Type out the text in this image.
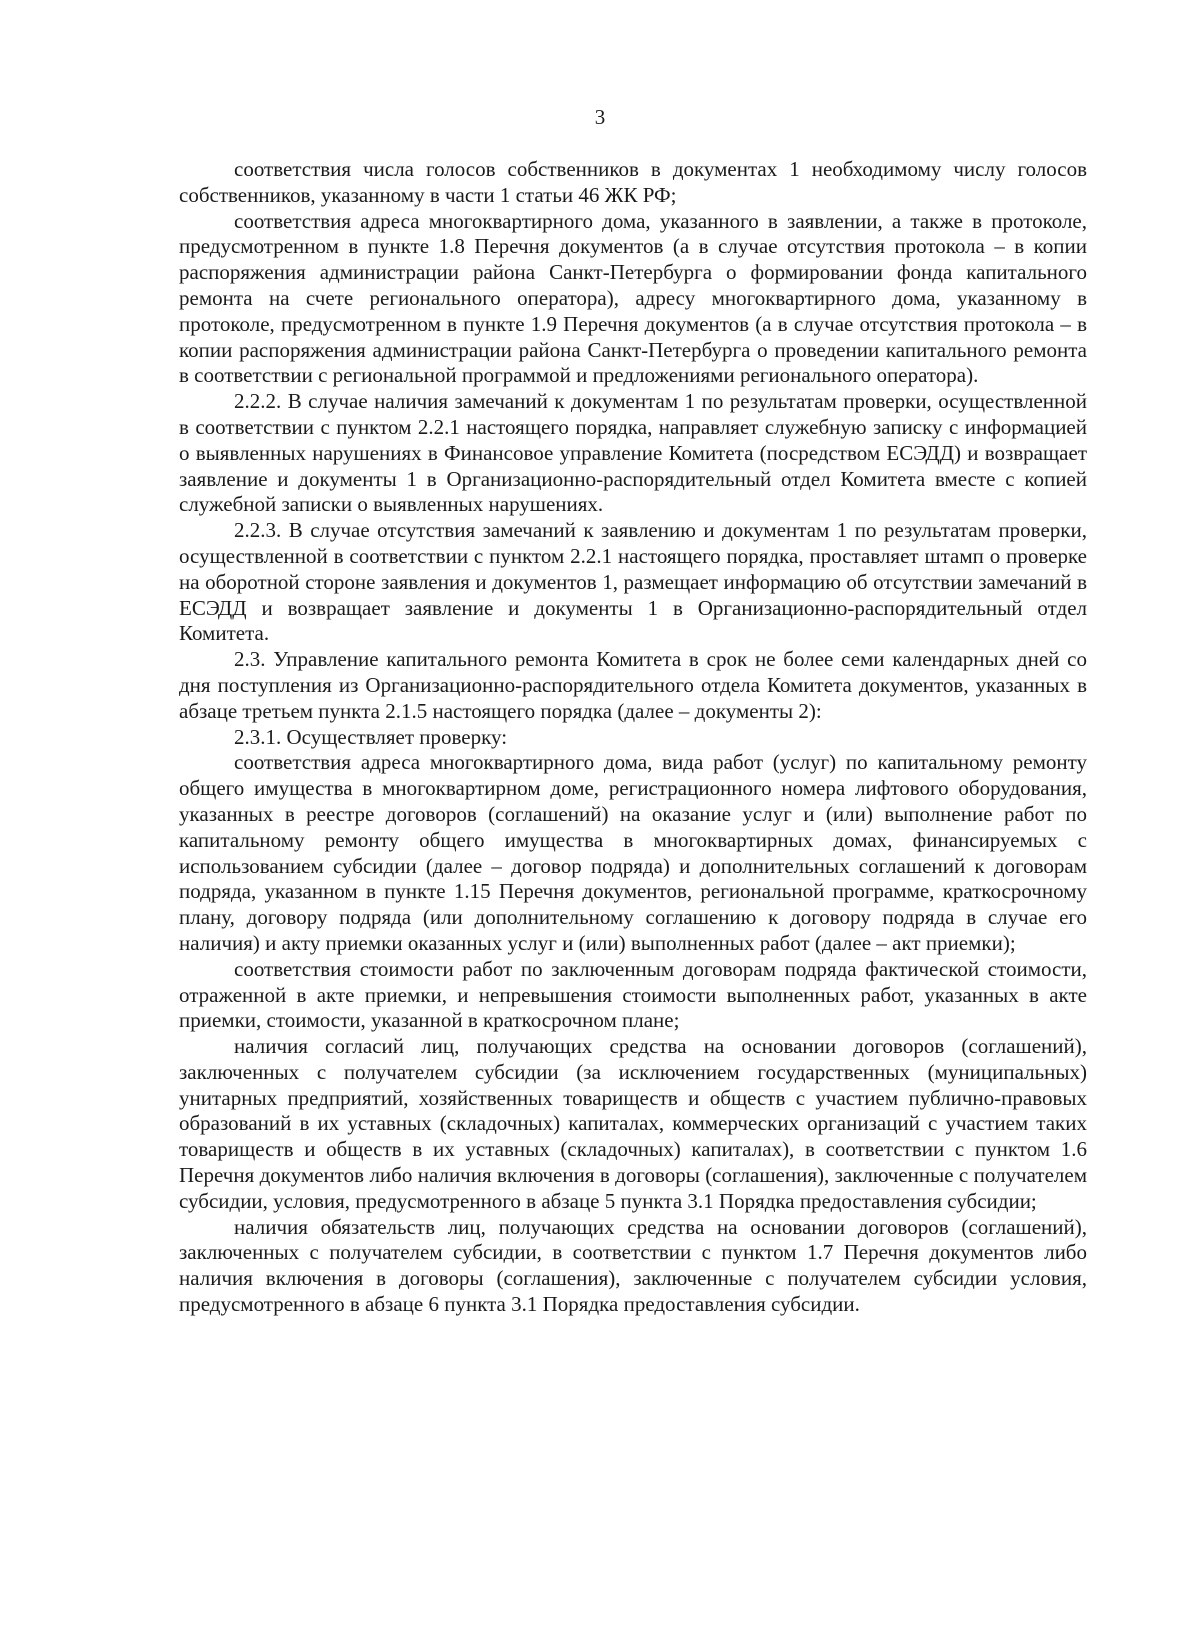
3

соответствия числа голосов собственников в документах 1 необходимому числу голосов собственников, указанному в части 1 статьи 46 ЖК РФ;

соответствия адреса многоквартирного дома, указанного в заявлении, а также в протоколе, предусмотренном в пункте 1.8 Перечня документов (а в случае отсутствия протокола – в копии распоряжения администрации района Санкт-Петербурга о формировании фонда капитального ремонта на счете регионального оператора), адресу многоквартирного дома, указанному в протоколе, предусмотренном в пункте 1.9 Перечня документов (а в случае отсутствия протокола – в копии распоряжения администрации района Санкт-Петербурга о проведении капитального ремонта в соответствии с региональной программой и предложениями регионального оператора).

2.2.2. В случае наличия замечаний к документам 1 по результатам проверки, осуществленной в соответствии с пунктом 2.2.1 настоящего порядка, направляет служебную записку с информацией о выявленных нарушениях в Финансовое управление Комитета (посредством ЕСЭДД) и возвращает заявление и документы 1 в Организационно-распорядительный отдел Комитета вместе с копией служебной записки о выявленных нарушениях.

2.2.3. В случае отсутствия замечаний к заявлению и документам 1 по результатам проверки, осуществленной в соответствии с пунктом 2.2.1 настоящего порядка, проставляет штамп о проверке на оборотной стороне заявления и документов 1, размещает информацию об отсутствии замечаний в ЕСЭДД и возвращает заявление и документы 1 в Организационно-распорядительный отдел Комитета.

2.3. Управление капитального ремонта Комитета в срок не более семи календарных дней со дня поступления из Организационно-распорядительного отдела Комитета документов, указанных в абзаце третьем пункта 2.1.5 настоящего порядка (далее – документы 2):

2.3.1. Осуществляет проверку:

соответствия адреса многоквартирного дома, вида работ (услуг) по капитальному ремонту общего имущества в многоквартирном доме, регистрационного номера лифтового оборудования, указанных в реестре договоров (соглашений) на оказание услуг и (или) выполнение работ по капитальному ремонту общего имущества в многоквартирных домах, финансируемых с использованием субсидии (далее – договор подряда) и дополнительных соглашений к договорам подряда, указанном в пункте 1.15 Перечня документов, региональной программе, краткосрочному плану, договору подряда (или дополнительному соглашению к договору подряда в случае его наличия) и акту приемки оказанных услуг и (или) выполненных работ (далее – акт приемки);

соответствия стоимости работ по заключенным договорам подряда фактической стоимости, отраженной в акте приемки, и непревышения стоимости выполненных работ, указанных в акте приемки, стоимости, указанной в краткосрочном плане;

наличия согласий лиц, получающих средства на основании договоров (соглашений), заключенных с получателем субсидии (за исключением государственных (муниципальных) унитарных предприятий, хозяйственных товариществ и обществ с участием публично-правовых образований в их уставных (складочных) капиталах, коммерческих организаций с участием таких товариществ и обществ в их уставных (складочных) капиталах), в соответствии с пунктом 1.6 Перечня документов либо наличия включения в договоры (соглашения), заключенные с получателем субсидии, условия, предусмотренного в абзаце 5 пункта 3.1 Порядка предоставления субсидии;

наличия обязательств лиц, получающих средства на основании договоров (соглашений), заключенных с получателем субсидии, в соответствии с пунктом 1.7 Перечня документов либо наличия включения в договоры (соглашения), заключенные с получателем субсидии условия, предусмотренного в абзаце 6 пункта 3.1 Порядка предоставления субсидии.
